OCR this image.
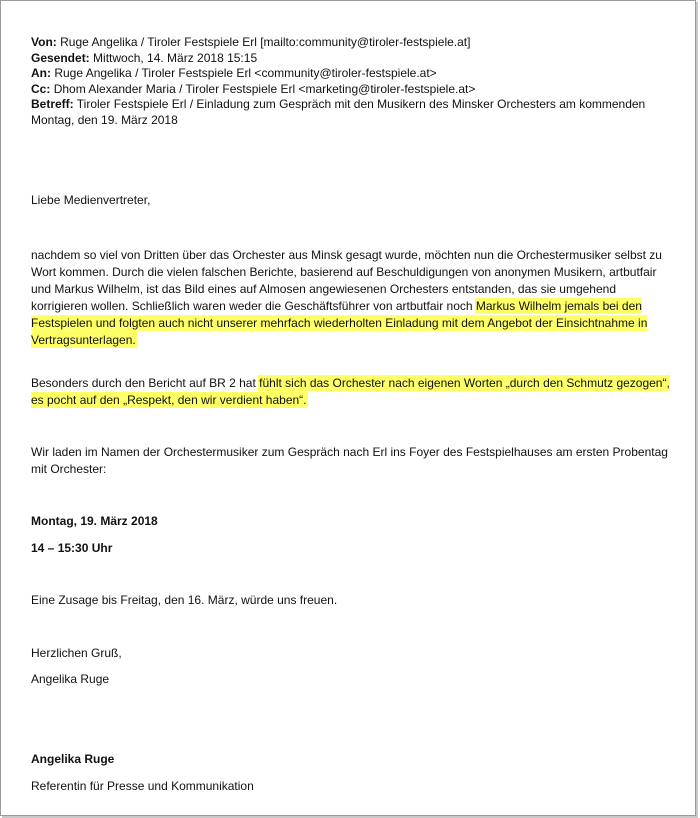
Von: Ruge Angelika / Tiroler Festspiele Erl [mailto:community@tiroler-festspiele.at]
Gesendet: Mittwoch, 14. März 2018 15:15
An: Ruge Angelika / Tiroler Festspiele Erl <community@tiroler-festspiele.at>
Cc: Dhom Alexander Maria / Tiroler Festspiele Erl <marketing@tiroler-festspiele.at>
Betreff: Tiroler Festspiele Erl / Einladung zum Gespräch mit den Musikern des Minsker Orchesters am kommenden Montag, den 19. März 2018
Liebe Medienvertreter,
nachdem so viel von Dritten über das Orchester aus Minsk gesagt wurde, möchten nun die Orchestermusiker selbst zu Wort kommen. Durch die vielen falschen Berichte, basierend auf Beschuldigungen von anonymen Musikern, artbutfair und Markus Wilhelm, ist das Bild eines auf Almosen angewiesenen Orchesters entstanden, das sie umgehend korrigieren wollen. Schließlich waren weder die Geschäftsführer von artbutfair noch Markus Wilhelm jemals bei den Festspielen und folgten auch nicht unserer mehrfach wiederholten Einladung mit dem Angebot der Einsichtnahme in Vertragsunterlagen.
Besonders durch den Bericht auf BR 2 hat fühlt sich das Orchester nach eigenen Worten „durch den Schmutz gezogen“, es pocht auf den „Respekt, den wir verdient haben“.
Wir laden im Namen der Orchestermusiker zum Gespräch nach Erl ins Foyer des Festspielhauses am ersten Probentag mit Orchester:
Montag, 19. März 2018
14 – 15:30 Uhr
Eine Zusage bis Freitag, den 16. März, würde uns freuen.
Herzlichen Gruß,
Angelika Ruge
Angelika Ruge
Referentin für Presse und Kommunikation
